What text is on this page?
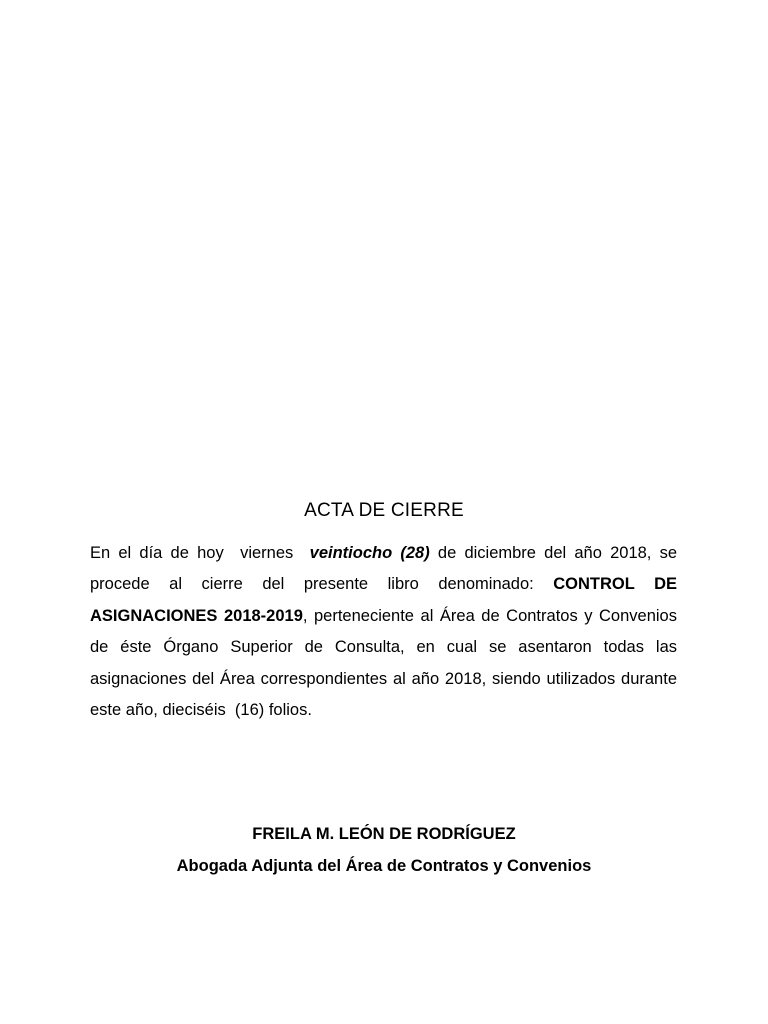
ACTA DE CIERRE

En el día de hoy  viernes  veintiocho (28) de diciembre del año 2018, se procede al cierre del presente libro denominado: CONTROL DE ASIGNACIONES 2018-2019, perteneciente al Área de Contratos y Convenios de éste Órgano Superior de Consulta, en cual se asentaron todas las asignaciones del Área correspondientes al año 2018, siendo utilizados durante este año, dieciséis  (16) folios.

FREILA M. LEÓN DE RODRÍGUEZ

Abogada Adjunta del Área de Contratos y Convenios
